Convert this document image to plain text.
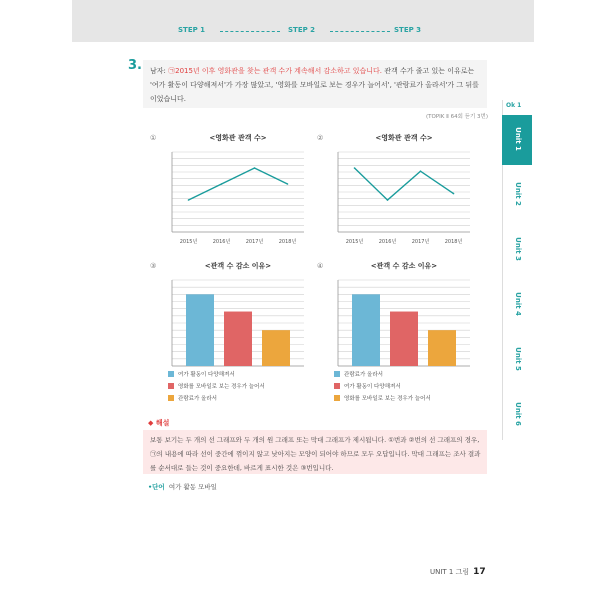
STEP 1	STEP 2	STEP 3
3. 남자: ㉠2015년 이후 영화관을 찾는 관객 수가 계속해서 감소하고 있습니다. 관객 수가 줄고 있는 이유로는 '여가 활동이 다양해져서'가 가장 많았고, '영화를 모바일로 보는 경우가 늘어서', '관람료가 올라서'가 그 뒤를 이었습니다.
(TOPIK Ⅱ 64회 듣기 3번)
①	②
③	④
<영화관 관객 수>
2015년	2016년	2017년	2018년
<영화관 관객 수>
2015년	2016년	2017년	2018년
<관객 수 감소 이유>
여가 활동이 다양해져서
영화를 모바일로 보는 경우가 늘어서
관람료가 올라서
<관객 수 감소 이유>
관람료가 올라서
여가 활동이 다양해져서
영화를 모바일로 보는 경우가 늘어서
Ok 1
Unit 1
Unit 2
Unit 3
Unit 4
Unit 5
Unit 6
◆ 해설
보통 보기는 두 개의 선 그래프와 두 개의 원 그래프 또는 막대 그래프가 제시됩니다. ①번과 ②번의 선 그래프의 경우, ㉠의 내용에 따라 선이 중간에 꺾이지 않고 낮아지는 모양이 되어야 하므로 모두 오답입니다. 막대 그래프는 조사 결과를 순서대로 들는 것이 중요한데, 바르게 표시한 것은 ③번입니다.
•단어 여가 활동 모바일
UNIT 1 그림 17
